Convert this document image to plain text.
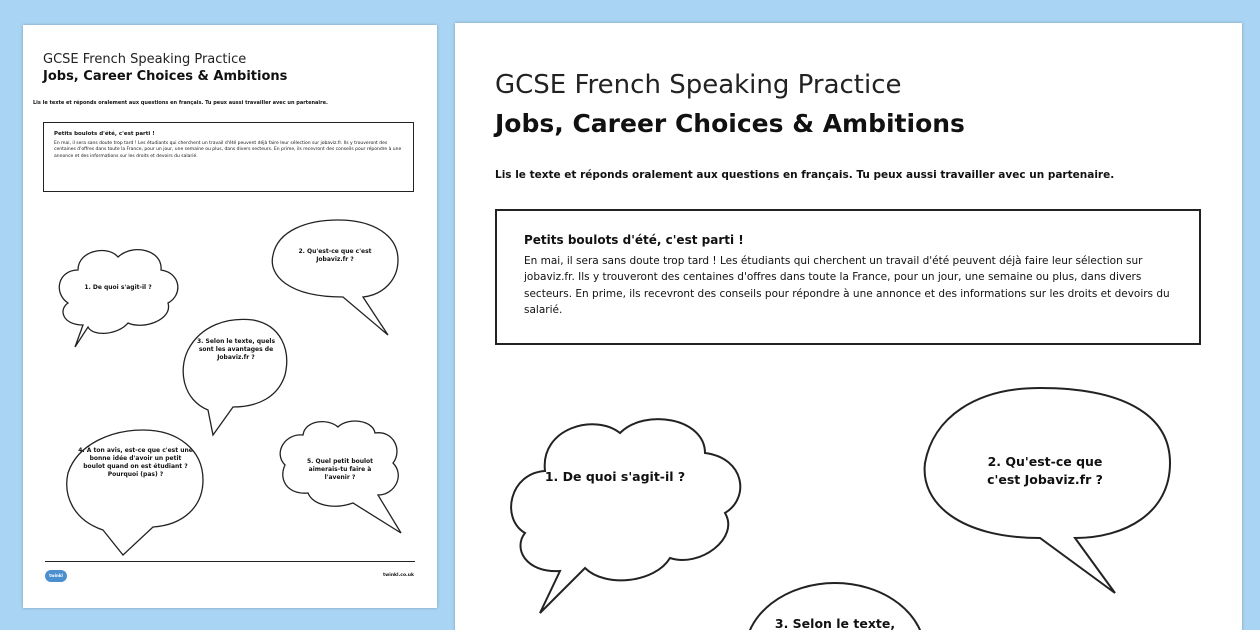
GCSE French Speaking Practice
Jobs, Career Choices & Ambitions
Lis le texte et réponds oralement aux questions en français. Tu peux aussi travailler avec un partenaire.
Petits boulots d'été, c'est parti !
En mai, il sera sans doute trop tard ! Les étudiants qui cherchent un travail d'été peuvent déjà faire leur sélection sur jobaviz.fr. Ils y trouveront des centaines d'offres dans toute la France, pour un jour, une semaine ou plus, dans divers secteurs. En prime, ils recevront des conseils pour répondre à une annonce et des informations sur les droits et devoirs du salarié.
1. De quoi s'agit-il ?
2. Qu'est-ce que c'est Jobaviz.fr ?
3. Selon le texte, quels sont les avantages de Jobaviz.fr ?
4. À ton avis, est-ce que c'est une bonne idée d'avoir un petit boulot quand on est étudiant ? Pourquoi (pas) ?
5. Quel petit boulot aimerais-tu faire à l'avenir ?
twinkl	twinkl.co.uk
GCSE French Speaking Practice
Jobs, Career Choices & Ambitions
Lis le texte et réponds oralement aux questions en français. Tu peux aussi travailler avec un partenaire.
Petits boulots d'été, c'est parti !
En mai, il sera sans doute trop tard ! Les étudiants qui cherchent un travail d'été peuvent déjà faire leur sélection sur jobaviz.fr. Ils y trouveront des centaines d'offres dans toute la France, pour un jour, une semaine ou plus, dans divers secteurs. En prime, ils recevront des conseils pour répondre à une annonce et des informations sur les droits et devoirs du salarié.
1. De quoi s'agit-il ?
2. Qu'est-ce que c'est Jobaviz.fr ?
3. Selon le texte,
